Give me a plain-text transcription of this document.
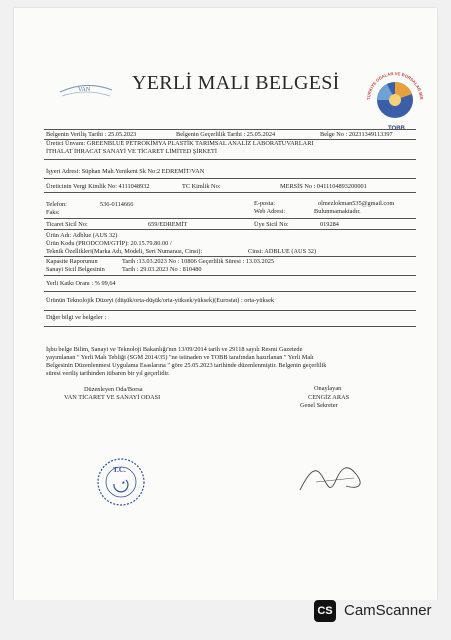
VAN YERLİ MALI BELGESİ
TÜRKİYE ODALAR VE BORSALAR BİR
TOBB
Belgenin Veriliş Tarihi : 25.05.2023	Belgenin Geçerlilik Tarihi : 25.05.2024	Belge No : 20231349113397
Üretici Ünvanı: GREENBLUE PETROKİMYA PLASTİK TARIMSAL ANALİZ LABORATUVARLARI
İTHALAT İHRACAT SANAYİ VE TİCARET LİMİTED ŞİRKETİ
İşyeri Adresi: Süphan Mah.Yenikent Sk No:2 EDREMİT/VAN
Üreticinin Vergi Kimlik No: 4111048932	TC Kimlik No:	MERSİS No : 0411104893200001
Telefon:	536-0114666
Faks:
E-posta:	olmezlokman535@gmail.com
Web Adresi:	Bulunmamaktadır.
Ticaret Sicil No:	659/EDREMİT	Üye Sicil No:	019284
Ürün Adı: Adblue (AUS 32)
Ürün Kodu (PRODCOM/GTİP): 20.15.79.80.00 /
Teknik Özellikleri(Marka Adı, Modeli, Seri Numarası, Cinsi):	Cinsi: ADBLUE (AUS 32)
Kapasite Raporunun	Tarih :13.03.2023 No : 10806 Geçerlilik Süresi : 13.03.2025
Sanayi Sicil Belgesinin	Tarih : 29.03.2023 No : 810480
Yerli Katkı Oranı : % 99,64
Ürünün Teknolojik Düzeyi (düşük/orta-düşük/orta-yüksek/yüksek)(Eurostat) : orta-yüksek
Diğer bilgi ve belgeler :
İşbu belge Bilim, Sanayi ve Teknoloji Bakanlığı'nın 13/09/2014 tarih ve 29118 sayılı Resmi Gazetede
yayımlanan " Yerli Malı Tebliği (SGM 2014/35) "ne istinaden ve TOBB tarafından hazırlanan " Yerli Malı
Belgesinin Düzenlenmesi Uygulama Esaslarına " göre 25.05.2023 tarihinde düzenlenmiştir. Belgenin geçerlilik
süresi veriliş tarihinden itibaren bir yıl geçerlidir.
Düzenleyen Oda/Borsa
VAN TİCARET VE SANAYİ ODASI
Onaylayan
CENGİZ ARAS
Genel Sekreter
T.C.
CS CamScanner
